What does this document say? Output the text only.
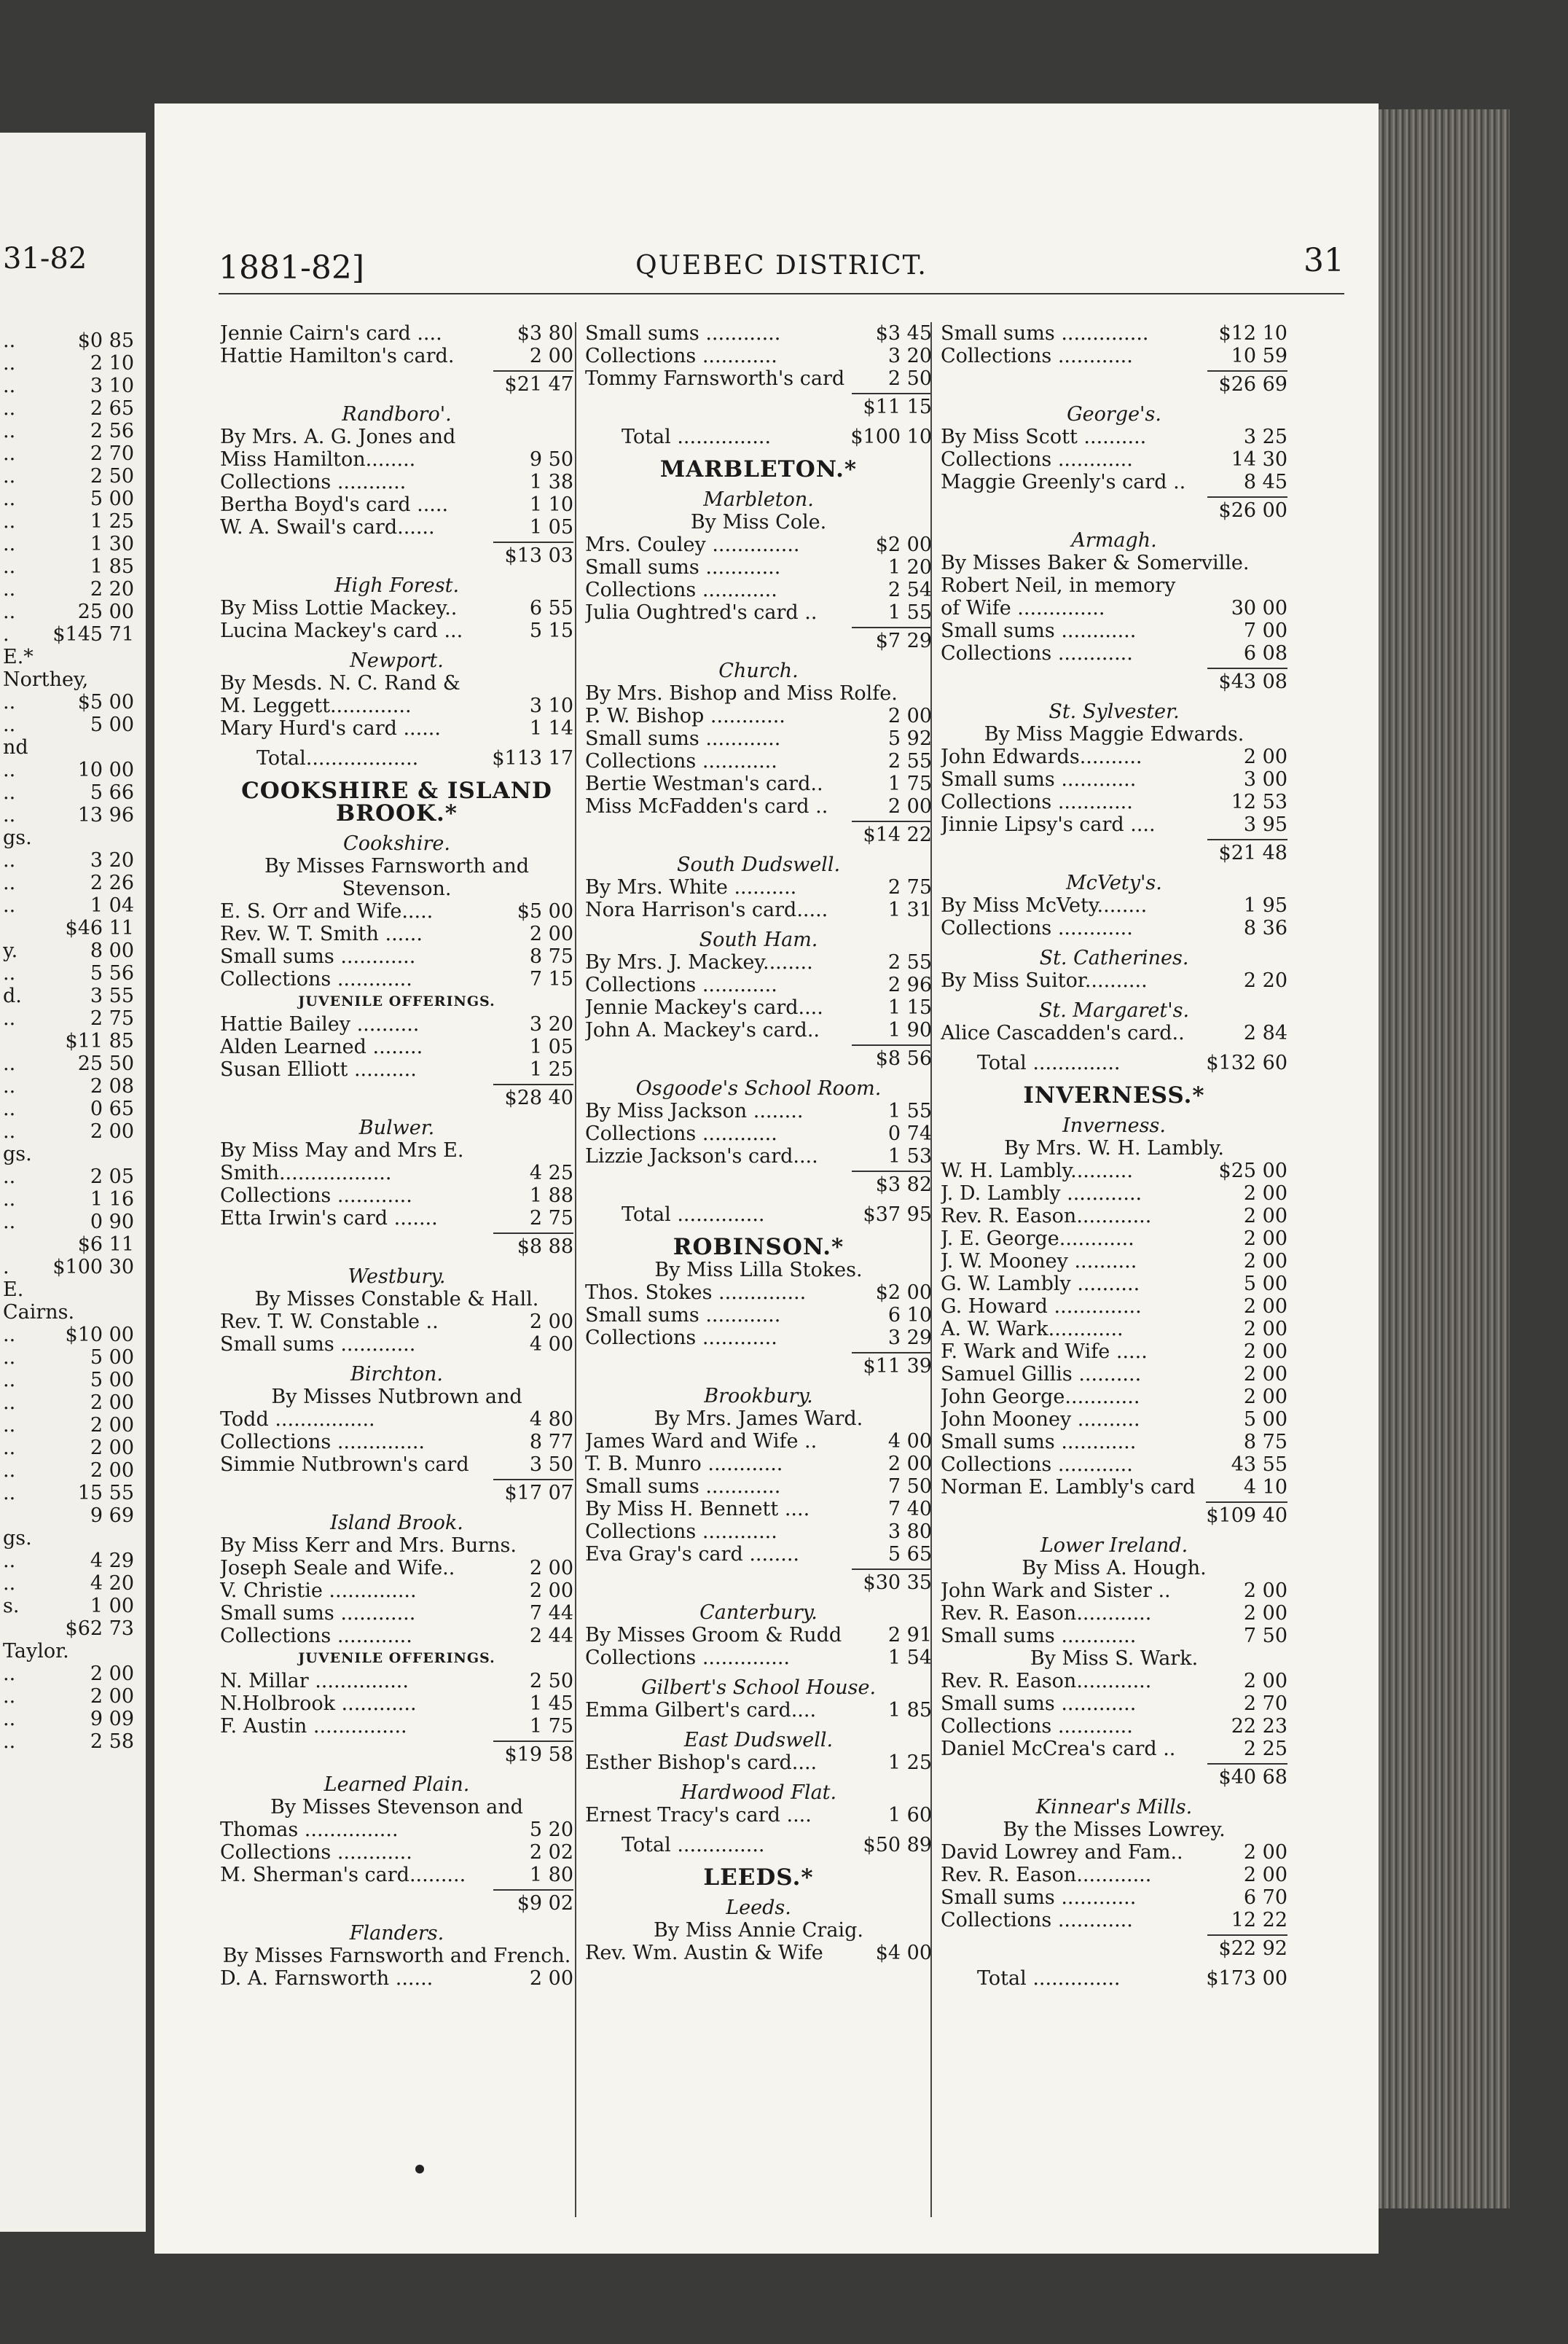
31-82
..	$0 85
..	2 10
..	3 10
..	2 65
..	2 56
..	2 70
..	2 50
..	5 00
..	1 25
..	1 30
..	1 85
..	2 20
..	25 00
.	$145 71
E.*
Northey,
..	$5 00
..	5 00
nd
..	10 00
..	5 66
..	13 96
gs.
..	3 20
..	2 26
..	1 04
$46 11
y.	8 00
..	5 56
d.	3 55
..	2 75
$11 85
..	25 50
..	2 08
..	0 65
..	2 00
gs.
..	2 05
..	1 16
..	0 90
$6 11
.	$100 30
E.
Cairns.
..	$10 00
..	5 00
..	5 00
..	2 00
..	2 00
..	2 00
..	2 00
..	15 55
9 69
gs.
..	4 29
..	4 20
s.	1 00
$62 73
Taylor.
..	2 00
..	2 00
..	9 09
..	2 58
1881-82]	QUEBEC DISTRICT.	31
Jennie Cairn's card ....	$3 80
Hattie Hamilton's card.	2 00
$21 47
Randboro'.
By Mrs. A. G. Jones and
Miss Hamilton........	9 50
Collections ...........	1 38
Bertha Boyd's card .....	1 10
W. A. Swail's card......	1 05
$13 03
High Forest.
By Miss Lottie Mackey..	6 55
Lucina Mackey's card ...	5 15
Newport.
By Mesds. N. C. Rand &
M. Leggett.............	3 10
Mary Hurd's card ......	1 14
Total..................	$113 17
COOKSHIRE & ISLAND BROOK.*
Cookshire.
By Misses Farnsworth and Stevenson.
E. S. Orr and Wife.....	$5 00
Rev. W. T. Smith ......	2 00
Small sums ............	8 75
Collections ............	7 15
JUVENILE OFFERINGS.
Hattie Bailey ..........	3 20
Alden Learned ........	1 05
Susan Elliott ..........	1 25
$28 40
Bulwer.
By Miss May and Mrs E.
Smith..................	4 25
Collections ............	1 88
Etta Irwin's card .......	2 75
$8 88
Westbury.
By Misses Constable & Hall.
Rev. T. W. Constable ..	2 00
Small sums ............	4 00
Birchton.
By Misses Nutbrown and
Todd ................	4 80
Collections ..............	8 77
Simmie Nutbrown's card	3 50
$17 07
Island Brook.
By Miss Kerr and Mrs. Burns.
Joseph Seale and Wife..	2 00
V. Christie ..............	2 00
Small sums ............	7 44
Collections ............	2 44
JUVENILE OFFERINGS.
N. Millar ...............	2 50
N.Holbrook ............	1 45
F. Austin ...............	1 75
$19 58
Learned Plain.
By Misses Stevenson and
Thomas ...............	5 20
Collections ............	2 02
M. Sherman's card.........	1 80
$9 02
Flanders.
By Misses Farnsworth and French.
D. A. Farnsworth ......	2 00
Small sums ............	$3 45
Collections ............	3 20
Tommy Farnsworth's card	2 50
$11 15
Total ...............	$100 10
MARBLETON.*
Marbleton.
By Miss Cole.
Mrs. Couley ..............	$2 00
Small sums ............	1 20
Collections ............	2 54
Julia Oughtred's card ..	1 55
$7 29
Church.
By Mrs. Bishop and Miss Rolfe.
P. W. Bishop ............	2 00
Small sums ............	5 92
Collections ............	2 55
Bertie Westman's card..	1 75
Miss McFadden's card ..	2 00
$14 22
South Dudswell.
By Mrs. White ..........	2 75
Nora Harrison's card.....	1 31
South Ham.
By Mrs. J. Mackey........	2 55
Collections ............	2 96
Jennie Mackey's card....	1 15
John A. Mackey's card..	1 90
$8 56
Osgoode's School Room.
By Miss Jackson ........	1 55
Collections ............	0 74
Lizzie Jackson's card....	1 53
$3 82
Total ..............	$37 95
ROBINSON.*
By Miss Lilla Stokes.
Thos. Stokes ..............	$2 00
Small sums ............	6 10
Collections ............	3 29
$11 39
Brookbury.
By Mrs. James Ward.
James Ward and Wife ..	4 00
T. B. Munro ............	2 00
Small sums ............	7 50
By Miss H. Bennett ....	7 40
Collections ............	3 80
Eva Gray's card ........	5 65
$30 35
Canterbury.
By Misses Groom & Rudd	2 91
Collections ..............	1 54
Gilbert's School House.
Emma Gilbert's card....	1 85
East Dudswell.
Esther Bishop's card....	1 25
Hardwood Flat.
Ernest Tracy's card ....	1 60
Total ..............	$50 89
LEEDS.*
Leeds.
By Miss Annie Craig.
Rev. Wm. Austin & Wife	$4 00
Small sums ..............	$12 10
Collections ............	10 59
$26 69
George's.
By Miss Scott ..........	3 25
Collections ............	14 30
Maggie Greenly's card ..	8 45
$26 00
Armagh.
By Misses Baker & Somerville.
Robert Neil, in memory
of Wife ..............	30 00
Small sums ............	7 00
Collections ............	6 08
$43 08
St. Sylvester.
By Miss Maggie Edwards.
John Edwards..........	2 00
Small sums ............	3 00
Collections ............	12 53
Jinnie Lipsy's card ....	3 95
$21 48
McVety's.
By Miss McVety........	1 95
Collections ............	8 36
St. Catherines.
By Miss Suitor..........	2 20
St. Margaret's.
Alice Cascadden's card..	2 84
Total ..............	$132 60
INVERNESS.*
Inverness.
By Mrs. W. H. Lambly.
W. H. Lambly..........	$25 00
J. D. Lambly ............	2 00
Rev. R. Eason............	2 00
J. E. George............	2 00
J. W. Mooney ..........	2 00
G. W. Lambly ..........	5 00
G. Howard ..............	2 00
A. W. Wark............	2 00
F. Wark and Wife .....	2 00
Samuel Gillis ..........	2 00
John George............	2 00
John Mooney ..........	5 00
Small sums ............	8 75
Collections ............	43 55
Norman E. Lambly's card	4 10
$109 40
Lower Ireland.
By Miss A. Hough.
John Wark and Sister ..	2 00
Rev. R. Eason............	2 00
Small sums ............	7 50
By Miss S. Wark.
Rev. R. Eason............	2 00
Small sums ............	2 70
Collections ............	22 23
Daniel McCrea's card ..	2 25
$40 68
Kinnear's Mills.
By the Misses Lowrey.
David Lowrey and Fam..	2 00
Rev. R. Eason............	2 00
Small sums ............	6 70
Collections ............	12 22
$22 92
Total ..............	$173 00
